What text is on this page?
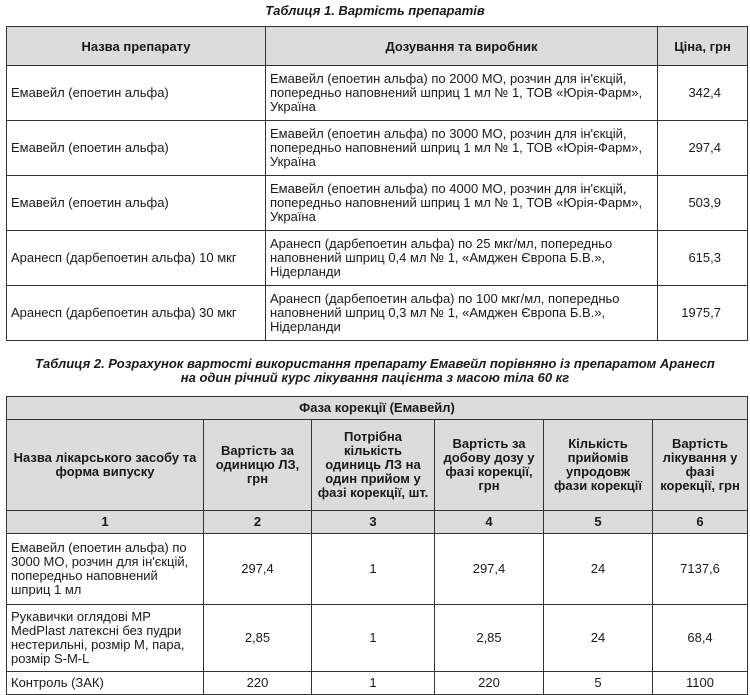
Таблиця 1. Вартість препаратів
Назва препарату	Дозування та виробник	Ціна, грн
Емавейл (епоетин альфа)	Емавейл (епоетин альфа) по 2000 МО, розчин для ін'єкцій, попередньо наповнений шприц 1 мл № 1, ТОВ «Юрія-Фарм», Україна	342,4
Емавейл (епоетин альфа)	Емавейл (епоетин альфа) по 3000 МО, розчин для ін'єкцій, попередньо наповнений шприц 1 мл № 1, ТОВ «Юрія-Фарм», Україна	297,4
Емавейл (епоетин альфа)	Емавейл (епоетин альфа) по 4000 МО, розчин для ін'єкцій, попередньо наповнений шприц 1 мл № 1, ТОВ «Юрія-Фарм», Україна	503,9
Аранесп (дарбепоетин альфа) 10 мкг	Аранесп (дарбепоетин альфа) по 25 мкг/мл, попередньо наповнений шприц 0,4 мл № 1, «Амджен Європа Б.В.», Нідерланди	615,3
Аранесп (дарбепоетин альфа) 30 мкг	Аранесп (дарбепоетин альфа) по 100 мкг/мл, попередньо наповнений шприц 0,3 мл № 1, «Амджен Європа Б.В.», Нідерланди	1975,7
Таблиця 2. Розрахунок вартості використання препарату Емавейл порівняно із препаратом Аранесп
на один річний курс лікування пацієнта з масою тіла 60 кг
Фаза корекції (Емавейл)					
Назва лікарського засобу та форма випуску	Вартість за одиницю ЛЗ, грн	Потрібна кількість одиниць ЛЗ на один прийом у фазі корекції, шт.	Вартість за добову дозу у фазі корекції, грн	Кількість прийомів упродовж фази корекції	Вартість лікування у фазі корекції, грн
1	2	3	4	5	6
Емавейл (епоетин альфа) по 3000 МО, розчин для ін'єкцій, попередньо наповнений шприц 1 мл	297,4	1	297,4	24	7137,6
Рукавички оглядові MP MedPlast латексні без пудри нестерильні, розмір M, пара, розмір S-M-L	2,85	1	2,85	24	68,4
Контроль (ЗАК)	220	1	220	5	1100
